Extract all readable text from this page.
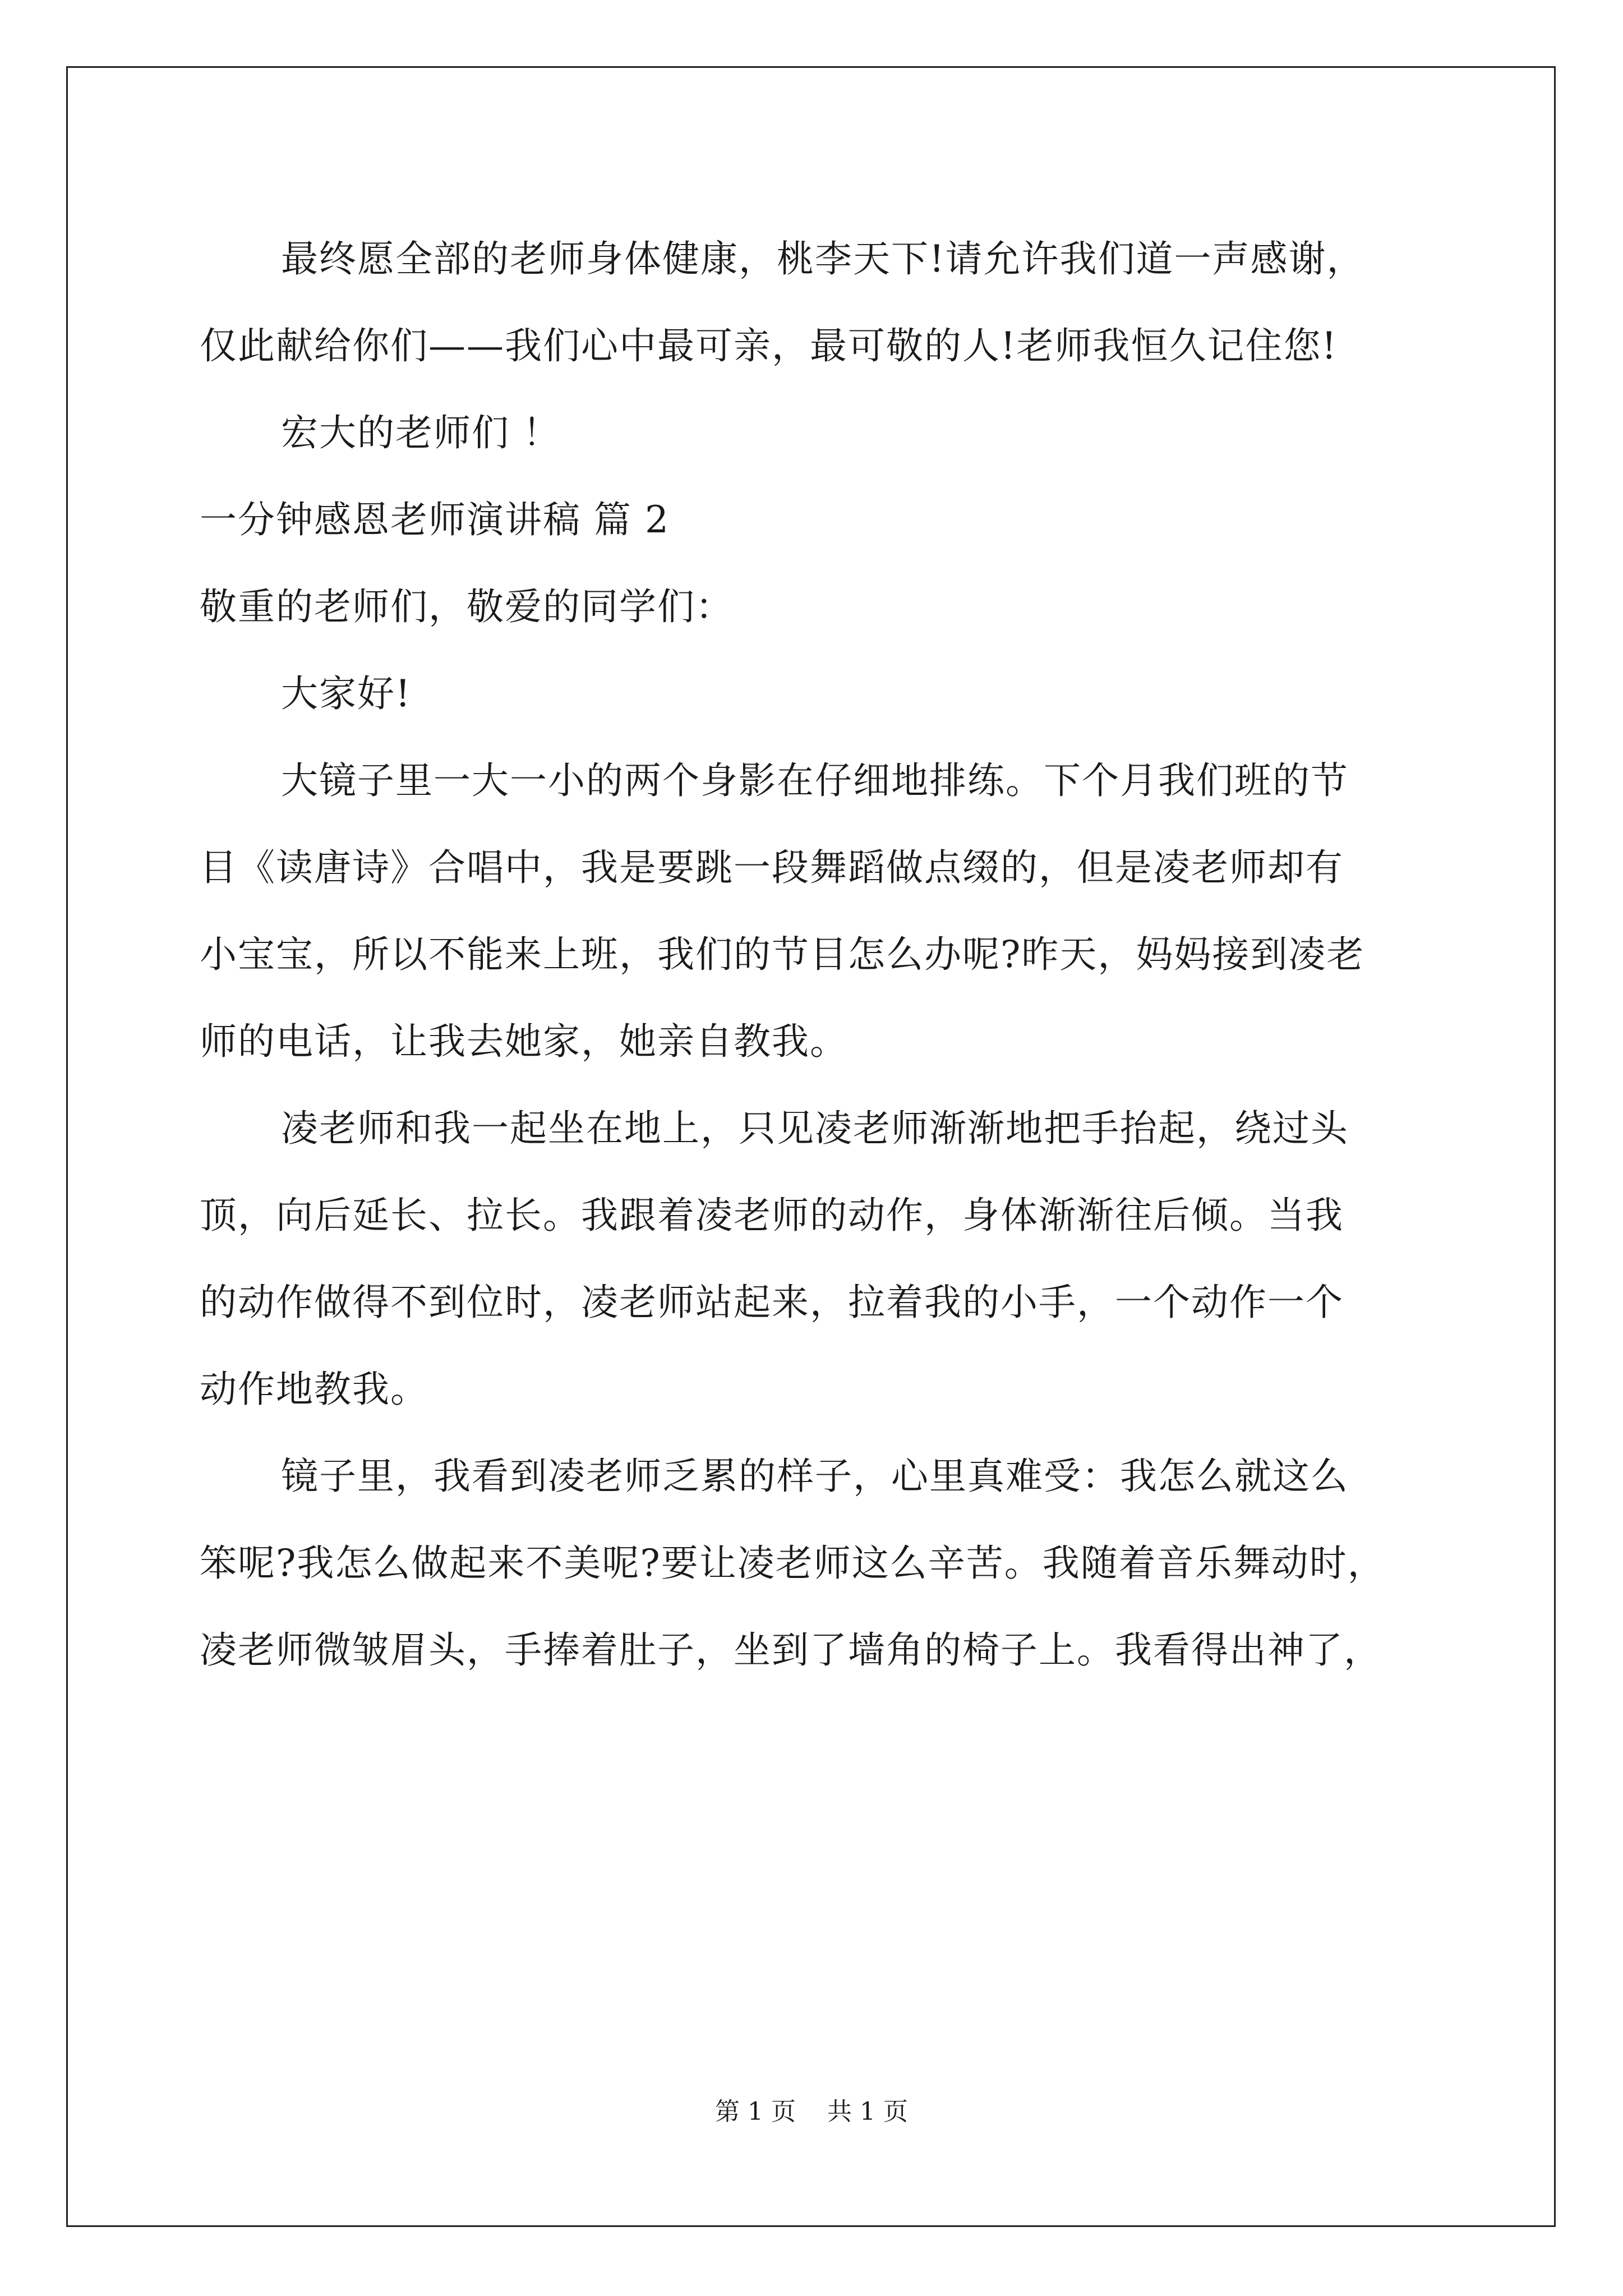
最终愿全部的老师身体健康，桃李天下!请允许我们道一声感谢，
仅此献给你们——我们心中最可亲，最可敬的人!老师我恒久记住您!
宏大的老师们 ！
一分钟感恩老师演讲稿 篇 2
敬重的老师们，敬爱的同学们：
大家好!
大镜子里一大一小的两个身影在仔细地排练。下个月我们班的节
目《读唐诗》合唱中，我是要跳一段舞蹈做点缀的，但是凌老师却有
小宝宝，所以不能来上班，我们的节目怎么办呢?昨天，妈妈接到凌老
师的电话，让我去她家，她亲自教我。
凌老师和我一起坐在地上，只见凌老师渐渐地把手抬起，绕过头
顶，向后延长、拉长。我跟着凌老师的动作，身体渐渐往后倾。当我
的动作做得不到位时，凌老师站起来，拉着我的小手，一个动作一个
动作地教我。
镜子里，我看到凌老师乏累的样子，心里真难受：我怎么就这么
笨呢?我怎么做起来不美呢?要让凌老师这么辛苦。我随着音乐舞动时，
凌老师微皱眉头，手捧着肚子，坐到了墙角的椅子上。我看得出神了，
第 1 页 共 1 页
